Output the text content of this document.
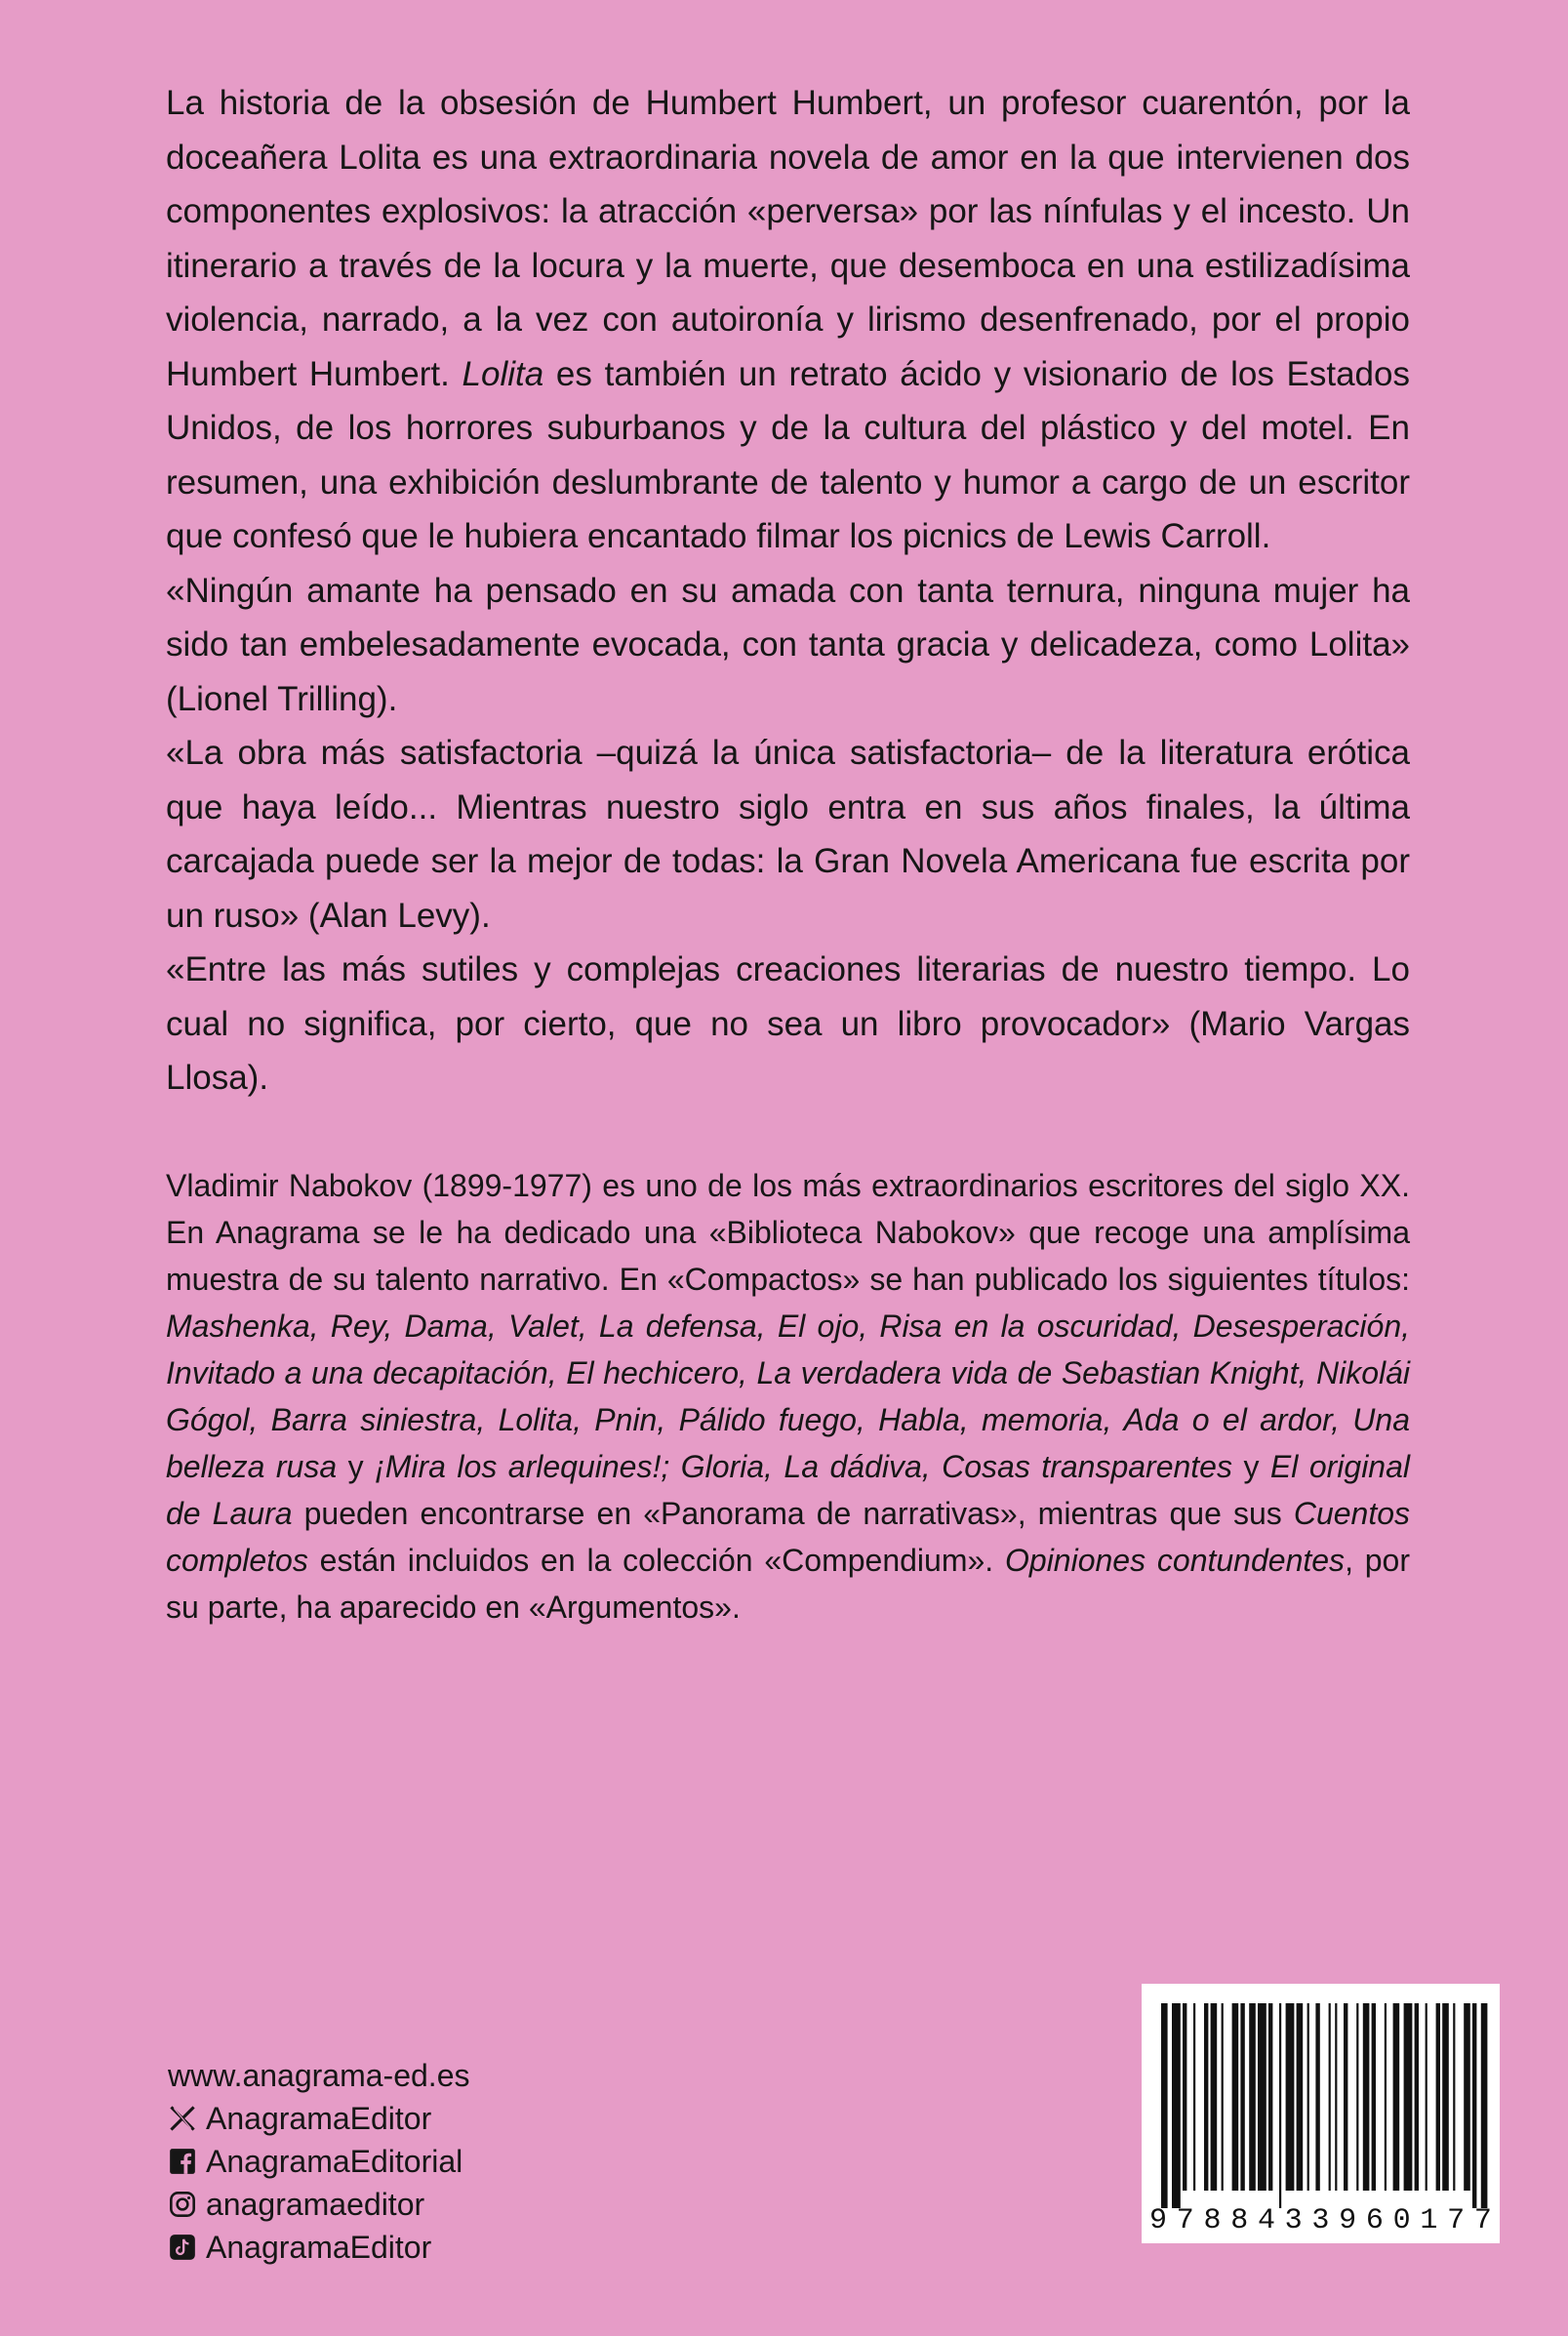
La historia de la obsesión de Humbert Humbert, un profesor cuarentón, por la doceañera Lolita es una extraordinaria novela de amor en la que intervienen dos componentes explosivos: la atracción «perversa» por las nínfulas y el incesto. Un itinerario a través de la locura y la muerte, que desemboca en una estilizadísima violencia, narrado, a la vez con autoironía y lirismo desenfrenado, por el propio Humbert Humbert. Lolita es también un retrato ácido y visionario de los Estados Unidos, de los horrores suburbanos y de la cultura del plástico y del motel. En resumen, una exhibición deslumbrante de talento y humor a cargo de un escritor que confesó que le hubiera encantado filmar los picnics de Lewis Carroll.

«Ningún amante ha pensado en su amada con tanta ternura, ninguna mujer ha sido tan embelesadamente evocada, con tanta gracia y delicadeza, como Lolita» (Lionel Trilling).

«La obra más satisfactoria –quizá la única satisfactoria– de la literatura erótica que haya leído... Mientras nuestro siglo entra en sus años finales, la última carcajada puede ser la mejor de todas: la Gran Novela Americana fue escrita por un ruso» (Alan Levy).

«Entre las más sutiles y complejas creaciones literarias de nuestro tiempo. Lo cual no significa, por cierto, que no sea un libro provocador» (Mario Vargas Llosa).

Vladimir Nabokov (1899-1977) es uno de los más extraordinarios escritores del siglo XX. En Anagrama se le ha dedicado una «Biblioteca Nabokov» que recoge una amplísima muestra de su talento narrativo. En «Compactos» se han publicado los siguientes títulos: Mashenka, Rey, Dama, Valet, La defensa, El ojo, Risa en la oscuridad, Desesperación, Invitado a una decapitación, El hechicero, La verdadera vida de Sebastian Knight, Nikolái Gógol, Barra siniestra, Lolita, Pnin, Pálido fuego, Habla, memoria, Ada o el ardor, Una belleza rusa y ¡Mira los arlequines!; Gloria, La dádiva, Cosas transparentes y El original de Laura pueden encontrarse en «Panorama de narrativas», mientras que sus Cuentos completos están incluidos en la colección «Compendium». Opiniones contundentes, por su parte, ha aparecido en «Argumentos».

www.anagrama-ed.es
AnagramaEditor
AnagramaEditorial
anagramaeditor
AnagramaEditor
9 7 8 8 4 3 3 9 6 0 1 7 7
